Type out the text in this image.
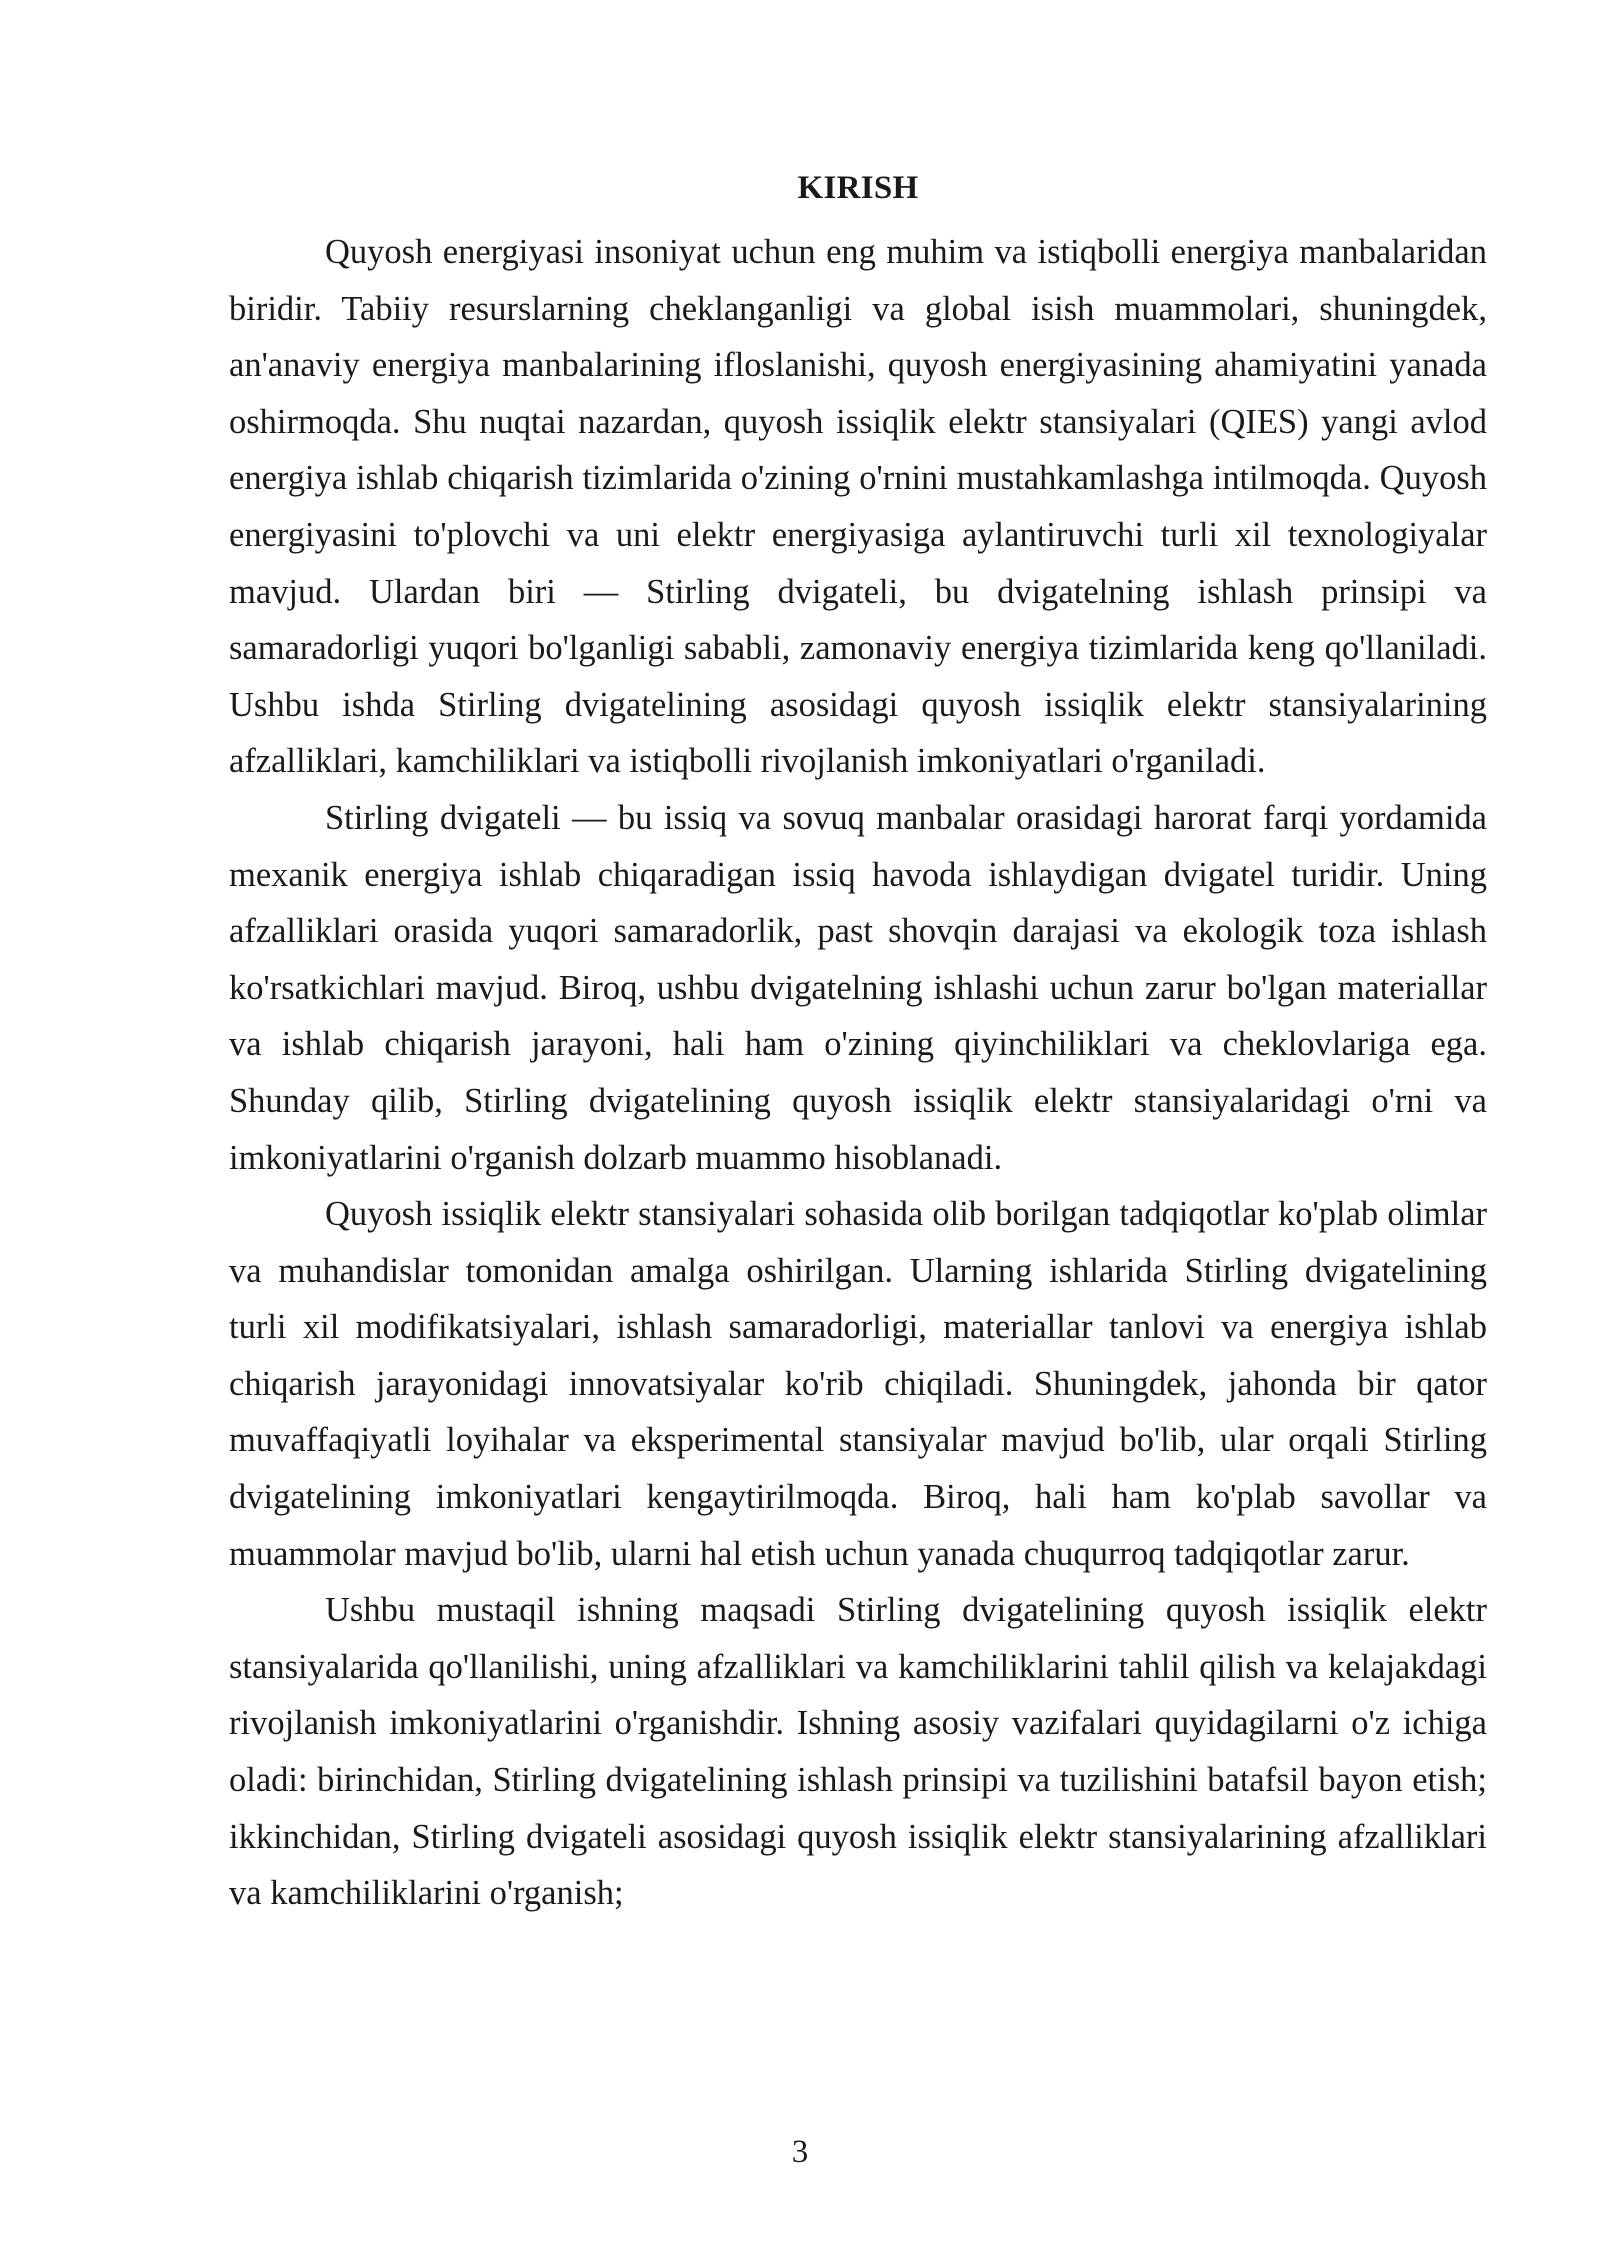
KIRISH

Quyosh energiyasi insoniyat uchun eng muhim va istiqbolli energiya manbalaridan biridir. Tabiiy resurslarning cheklanganligi va global isish muammolari, shuningdek, an'anaviy energiya manbalarining ifloslanishi, quyosh energiyasining ahamiyatini yanada oshirmoqda. Shu nuqtai nazardan, quyosh issiqlik elektr stansiyalari (QIES) yangi avlod energiya ishlab chiqarish tizimlarida o'zining o'rnini mustahkamlashga intilmoqda. Quyosh energiyasini to'plovchi va uni elektr energiyasiga aylantiruvchi turli xil texnologiyalar mavjud. Ulardan biri — Stirling dvigateli, bu dvigatelning ishlash prinsipi va samaradorligi yuqori bo'lganligi sababli, zamonaviy energiya tizimlarida keng qo'llaniladi. Ushbu ishda Stirling dvigatelining asosidagi quyosh issiqlik elektr stansiyalarining afzalliklari, kamchiliklari va istiqbolli rivojlanish imkoniyatlari o'rganiladi.

Stirling dvigateli — bu issiq va sovuq manbalar orasidagi harorat farqi yordamida mexanik energiya ishlab chiqaradigan issiq havoda ishlaydigan dvigatel turidir. Uning afzalliklari orasida yuqori samaradorlik, past shovqin darajasi va ekologik toza ishlash ko'rsatkichlari mavjud. Biroq, ushbu dvigatelning ishlashi uchun zarur bo'lgan materiallar va ishlab chiqarish jarayoni, hali ham o'zining qiyinchiliklari va cheklovlariga ega. Shunday qilib, Stirling dvigatelining quyosh issiqlik elektr stansiyalaridagi o'rni va imkoniyatlarini o'rganish dolzarb muammo hisoblanadi.

Quyosh issiqlik elektr stansiyalari sohasida olib borilgan tadqiqotlar ko'plab olimlar va muhandislar tomonidan amalga oshirilgan. Ularning ishlarida Stirling dvigatelining turli xil modifikatsiyalari, ishlash samaradorligi, materiallar tanlovi va energiya ishlab chiqarish jarayonidagi innovatsiyalar ko'rib chiqiladi. Shuningdek, jahonda bir qator muvaffaqiyatli loyihalar va eksperimental stansiyalar mavjud bo'lib, ular orqali Stirling dvigatelining imkoniyatlari kengaytirilmoqda. Biroq, hali ham ko'plab savollar va muammolar mavjud bo'lib, ularni hal etish uchun yanada chuqurroq tadqiqotlar zarur.

Ushbu mustaqil ishning maqsadi Stirling dvigatelining quyosh issiqlik elektr stansiyalarida qo'llanilishi, uning afzalliklari va kamchiliklarini tahlil qilish va kelajakdagi rivojlanish imkoniyatlarini o'rganishdir. Ishning asosiy vazifalari quyidagilarni o'z ichiga oladi: birinchidan, Stirling dvigatelining ishlash prinsipi va tuzilishini batafsil bayon etish; ikkinchidan, Stirling dvigateli asosidagi quyosh issiqlik elektr stansiyalarining afzalliklari va kamchiliklarini o'rganish;

3
